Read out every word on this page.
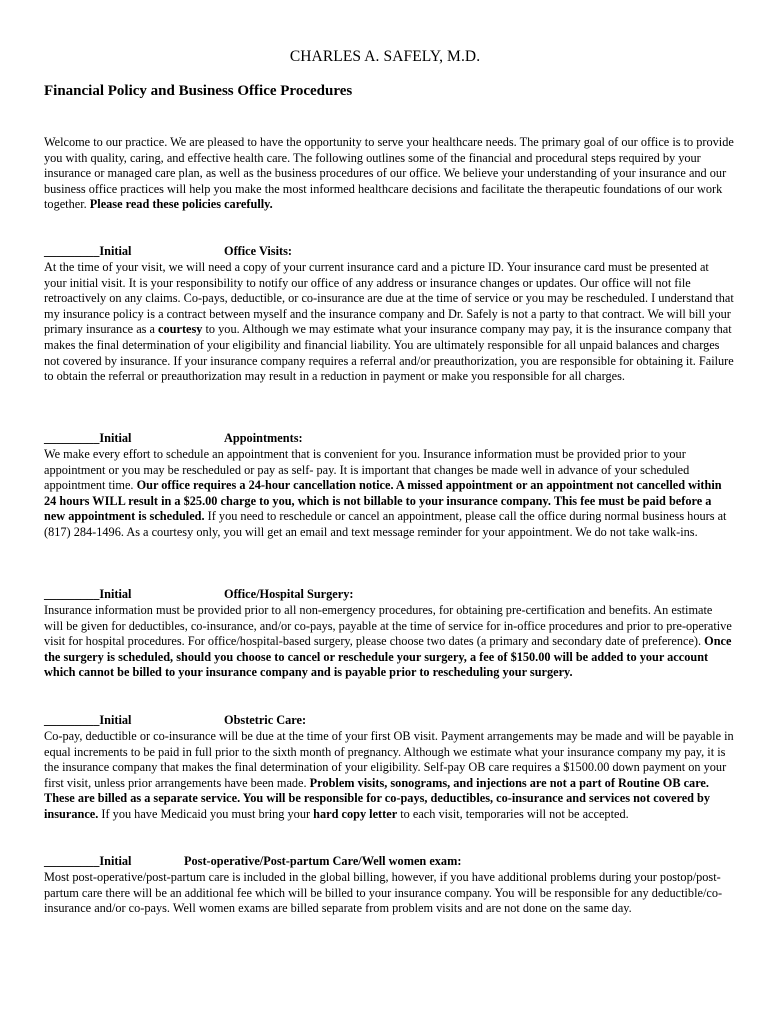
CHARLES A. SAFELY, M.D.
Financial Policy and Business Office Procedures

Welcome to our practice. We are pleased to have the opportunity to serve your healthcare needs. The primary goal of our office is to provide you with quality, caring, and effective health care. The following outlines some of the financial and procedural steps required by your insurance or managed care plan, as well as the business procedures of our office. We believe your understanding of your insurance and our business office practices will help you make the most informed healthcare decisions and facilitate the therapeutic foundations of our work together. Please read these policies carefully.

_________Initial	Office Visits:

At the time of your visit, we will need a copy of your current insurance card and a picture ID. Your insurance card must be presented at your initial visit. It is your responsibility to notify our office of any address or insurance changes or updates. Our office will not file retroactively on any claims. Co-pays, deductible, or co-insurance are due at the time of service or you may be rescheduled. I understand that my insurance policy is a contract between myself and the insurance company and Dr. Safely is not a party to that contract. We will bill your primary insurance as a courtesy to you. Although we may estimate what your insurance company may pay, it is the insurance company that makes the final determination of your eligibility and financial liability. You are ultimately responsible for all unpaid balances and charges not covered by insurance. If your insurance company requires a referral and/or preauthorization, you are responsible for obtaining it. Failure to obtain the referral or preauthorization may result in a reduction in payment or make you responsible for all charges.

_________Initial	Appointments:

We make every effort to schedule an appointment that is convenient for you. Insurance information must be provided prior to your appointment or you may be rescheduled or pay as self- pay. It is important that changes be made well in advance of your scheduled appointment time. Our office requires a 24-hour cancellation notice. A missed appointment or an appointment not cancelled within 24 hours WILL result in a $25.00 charge to you, which is not billable to your insurance company. This fee must be paid before a new appointment is scheduled. If you need to reschedule or cancel an appointment, please call the office during normal business hours at (817) 284-1496. As a courtesy only, you will get an email and text message reminder for your appointment. We do not take walk-ins.

_________Initial	Office/Hospital Surgery:

Insurance information must be provided prior to all non-emergency procedures, for obtaining pre-certification and benefits. An estimate will be given for deductibles, co-insurance, and/or co-pays, payable at the time of service for in-office procedures and prior to pre-operative visit for hospital procedures. For office/hospital-based surgery, please choose two dates (a primary and secondary date of preference). Once the surgery is scheduled, should you choose to cancel or reschedule your surgery, a fee of $150.00 will be added to your account which cannot be billed to your insurance company and is payable prior to rescheduling your surgery.

_________Initial	Obstetric Care:

Co-pay, deductible or co-insurance will be due at the time of your first OB visit. Payment arrangements may be made and will be payable in equal increments to be paid in full prior to the sixth month of pregnancy. Although we estimate what your insurance company my pay, it is the insurance company that makes the final determination of your eligibility. Self-pay OB care requires a $1500.00 down payment on your first visit, unless prior arrangements have been made. Problem visits, sonograms, and injections are not a part of Routine OB care. These are billed as a separate service. You will be responsible for co-pays, deductibles, co-insurance and services not covered by insurance. If you have Medicaid you must bring your hard copy letter to each visit, temporaries will not be accepted.

_________Initial	Post-operative/Post-partum Care/Well women exam:

Most post-operative/post-partum care is included in the global billing, however, if you have additional problems during your postop/post-partum care there will be an additional fee which will be billed to your insurance company. You will be responsible for any deductible/co-insurance and/or co-pays. Well women exams are billed separate from problem visits and are not done on the same day.
